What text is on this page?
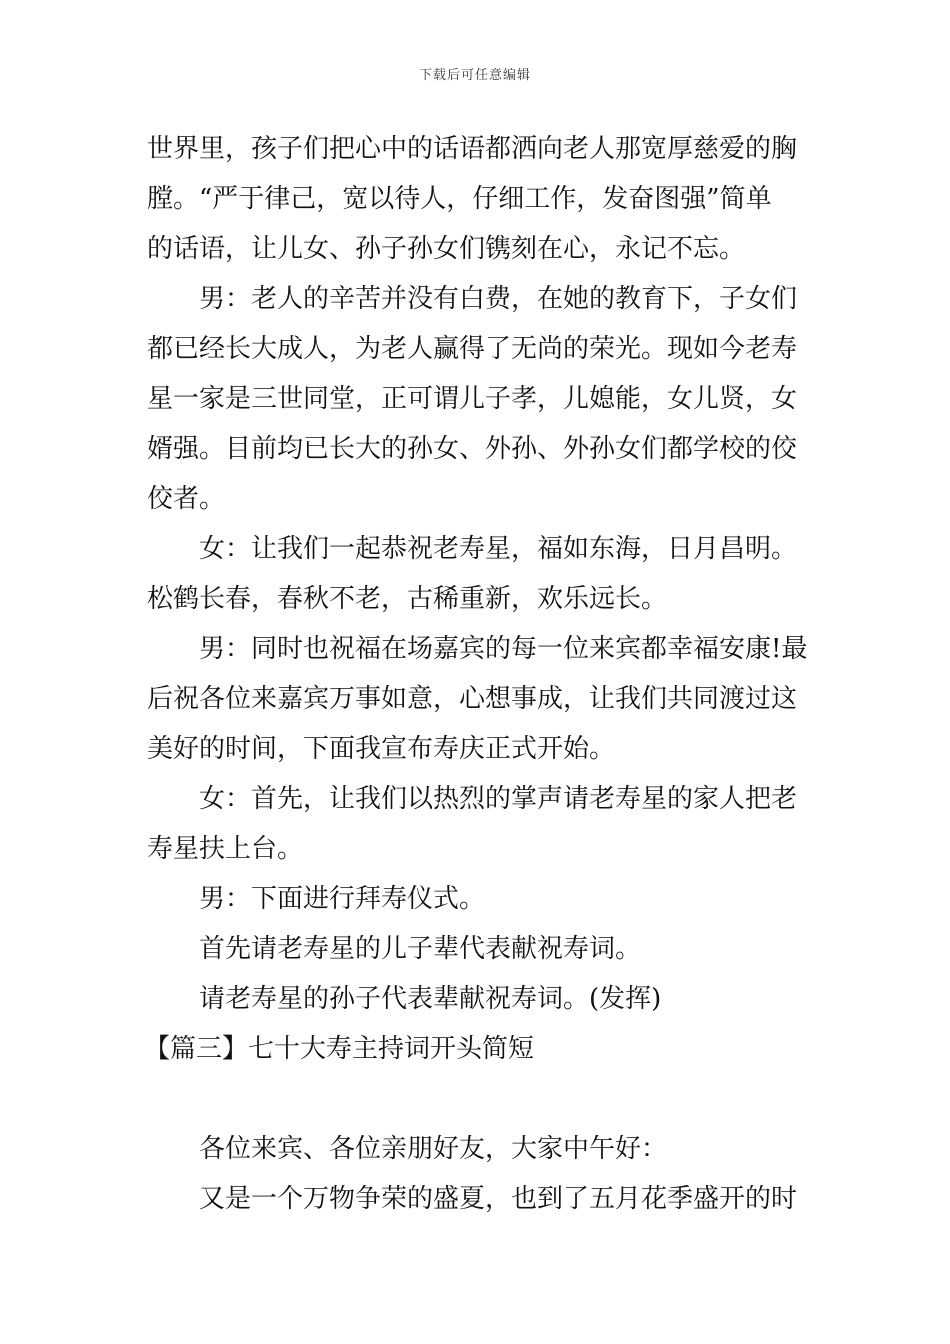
下载后可任意编辑
世界里，孩子们把心中的话语都洒向老人那宽厚慈爱的胸
膛。“严于律己，宽以待人，仔细工作，发奋图强”简单
的话语，让儿女、孙子孙女们镌刻在心，永记不忘。
男：老人的辛苦并没有白费，在她的教育下，子女们
都已经长大成人，为老人赢得了无尚的荣光。现如今老寿
星一家是三世同堂，正可谓儿子孝，儿媳能，女儿贤，女
婿强。目前均已长大的孙女、外孙、外孙女们都学校的佼
佼者。
女：让我们一起恭祝老寿星，福如东海，日月昌明。
松鹤长春，春秋不老，古稀重新，欢乐远长。
男：同时也祝福在场嘉宾的每一位来宾都幸福安康!最
后祝各位来嘉宾万事如意，心想事成，让我们共同渡过这
美好的时间，下面我宣布寿庆正式开始。
女：首先，让我们以热烈的掌声请老寿星的家人把老
寿星扶上台。
男：下面进行拜寿仪式。
首先请老寿星的儿子辈代表献祝寿词。
请老寿星的孙子代表辈献祝寿词。(发挥)
【篇三】七十大寿主持词开头简短
各位来宾、各位亲朋好友，大家中午好：
又是一个万物争荣的盛夏，也到了五月花季盛开的时
